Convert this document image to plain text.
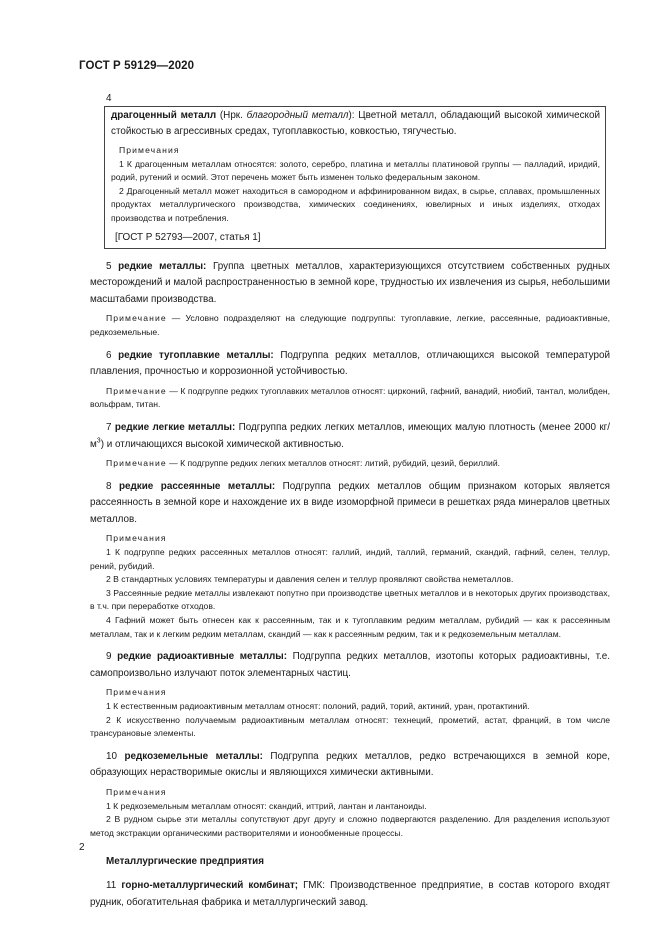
ГОСТ Р 59129—2020
4

драгоценный металл (Нрк. благородный металл): Цветной металл, обладающий высокой химической стойкостью в агрессивных средах, тугоплавкостью, ковкостью, тягучестью.

Примечания

1 К драгоценным металлам относятся: золото, серебро, платина и металлы платиновой группы — палладий, иридий, родий, рутений и осмий. Этот перечень может быть изменен только федеральным законом.

2 Драгоценный металл может находиться в самородном и аффинированном видах, в сырье, сплавах, промышленных продуктах металлургического производства, химических соединениях, ювелирных и иных изделиях, отходах производства и потребления.

[ГОСТ Р 52793—2007, статья 1]

5 редкие металлы: Группа цветных металлов, характеризующихся отсутствием собственных рудных месторождений и малой распространенностью в земной коре, трудностью их извлечения из сырья, небольшими масштабами производства.

Примечание — Условно подразделяют на следующие подгруппы: тугоплавкие, легкие, рассеянные, радиоактивные, редкоземельные.

6 редкие тугоплавкие металлы: Подгруппа редких металлов, отличающихся высокой температурой плавления, прочностью и коррозионной устойчивостью.

Примечание — К подгруппе редких тугоплавких металлов относят: цирконий, гафний, ванадий, ниобий, тантал, молибден, вольфрам, титан.

7 редкие легкие металлы: Подгруппа редких легких металлов, имеющих малую плотность (менее 2000 $кг/м^3$) и отличающихся высокой химической активностью.

Примечание — К подгруппе редких легких металлов относят: литий, рубидий, цезий, бериллий.

8 редкие рассеянные металлы: Подгруппа редких металлов общим признаком которых является рассеянность в земной коре и нахождение их в виде изоморфной примеси в решетках ряда минералов цветных металлов.

Примечания

1 К подгруппе редких рассеянных металлов относят: галлий, индий, таллий, германий, скандий, гафний, селен, теллур, рений, рубидий.

2 В стандартных условиях температуры и давления селен и теллур проявляют свойства неметаллов.

3 Рассеянные редкие металлы извлекают попутно при производстве цветных металлов и в некоторых других производствах, в т.ч. при переработке отходов.

4 Гафний может быть отнесен как к рассеянным, так и к тугоплавким редким металлам, рубидий — как к рассеянным металлам, так и к легким редким металлам, скандий — как к рассеянным редким, так и к редкоземельным металлам.

9 редкие радиоактивные металлы: Подгруппа редких металлов, изотопы которых радиоактивны, т.е. самопроизвольно излучают поток элементарных частиц.

Примечания

1 К естественным радиоактивным металлам относят: полоний, радий, торий, актиний, уран, протактиний.

2 К искусственно получаемым радиоактивным металлам относят: технеций, прометий, астат, франций, в том числе трансурановые элементы.

10 редкоземельные металлы: Подгруппа редких металлов, редко встречающихся в земной коре, образующих нерастворимые окислы и являющихся химически активными.

Примечания

1 К редкоземельным металлам относят: скандий, иттрий, лантан и лантаноиды.

2 В рудном сырье эти металлы сопутствуют друг другу и сложно подвергаются разделению. Для разделения используют метод экстракции органическими растворителями и ионообменные процессы.

Металлургические предприятия

11 горно-металлургический комбинат; ГМК: Производственное предприятие, в состав которого входят рудник, обогатительная фабрика и металлургический завод.

2
